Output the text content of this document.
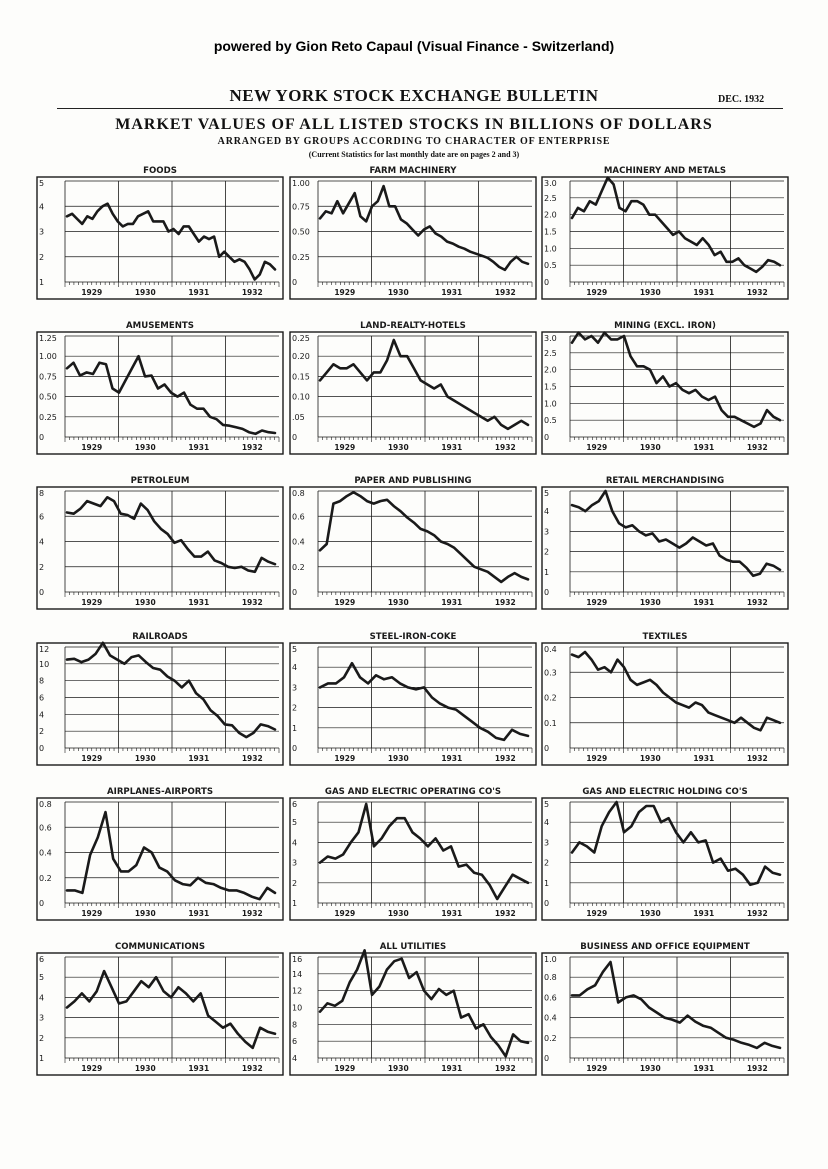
powered by Gion Reto Capaul (Visual Finance - Switzerland)
NEW YORK STOCK EXCHANGE BULLETIN	DEC. 1932
MARKET VALUES OF ALL LISTED STOCKS IN BILLIONS OF DOLLARS
ARRANGED BY GROUPS ACCORDING TO CHARACTER OF ENTERPRISE
(Current Statistics for last monthly date are on pages 2 and 3)
FOODS
1
2
3
4
5
1929	1930	1931	1932
FARM MACHINERY
0
0.25
0.50
0.75
1.00
1929	1930	1931	1932
MACHINERY AND METALS
0
0.5
1.0
1.5
2.0
2.5
3.0
1929	1930	1931	1932
AMUSEMENTS
0
0.25
0.50
0.75
1.00
1.25
1929	1930	1931	1932
LAND-REALTY-HOTELS
0
.05
0.10
0.15
0.20
0.25
1929	1930	1931	1932
MINING (EXCL. IRON)
0
0.5
1.0
1.5
2.0
2.5
3.0
1929	1930	1931	1932
PETROLEUM
0
2
4
6
8
1929	1930	1931	1932
PAPER AND PUBLISHING
0
0.2
0.4
0.6
0.8
1929	1930	1931	1932
RETAIL MERCHANDISING
0
1
2
3
4
5
1929	1930	1931	1932
RAILROADS
0
2
4
6
8
10
12
1929	1930	1931	1932
STEEL-IRON-COKE
0
1
2
3
4
5
1929	1930	1931	1932
TEXTILES
0
0.1
0.2
0.3
0.4
1929	1930	1931	1932
AIRPLANES-AIRPORTS
0
0.2
0.4
0.6
0.8
1929	1930	1931	1932
GAS AND ELECTRIC OPERATING CO'S
1
2
3
4
5
6
1929	1930	1931	1932
GAS AND ELECTRIC HOLDING CO'S
0
1
2
3
4
5
1929	1930	1931	1932
COMMUNICATIONS
1
2
3
4
5
6
1929	1930	1931	1932
ALL UTILITIES
4
6
8
10
12
14
16
1929	1930	1931	1932
BUSINESS AND OFFICE EQUIPMENT
0
0.2
0.4
0.6
0.8
1.0
1929	1930	1931	1932
